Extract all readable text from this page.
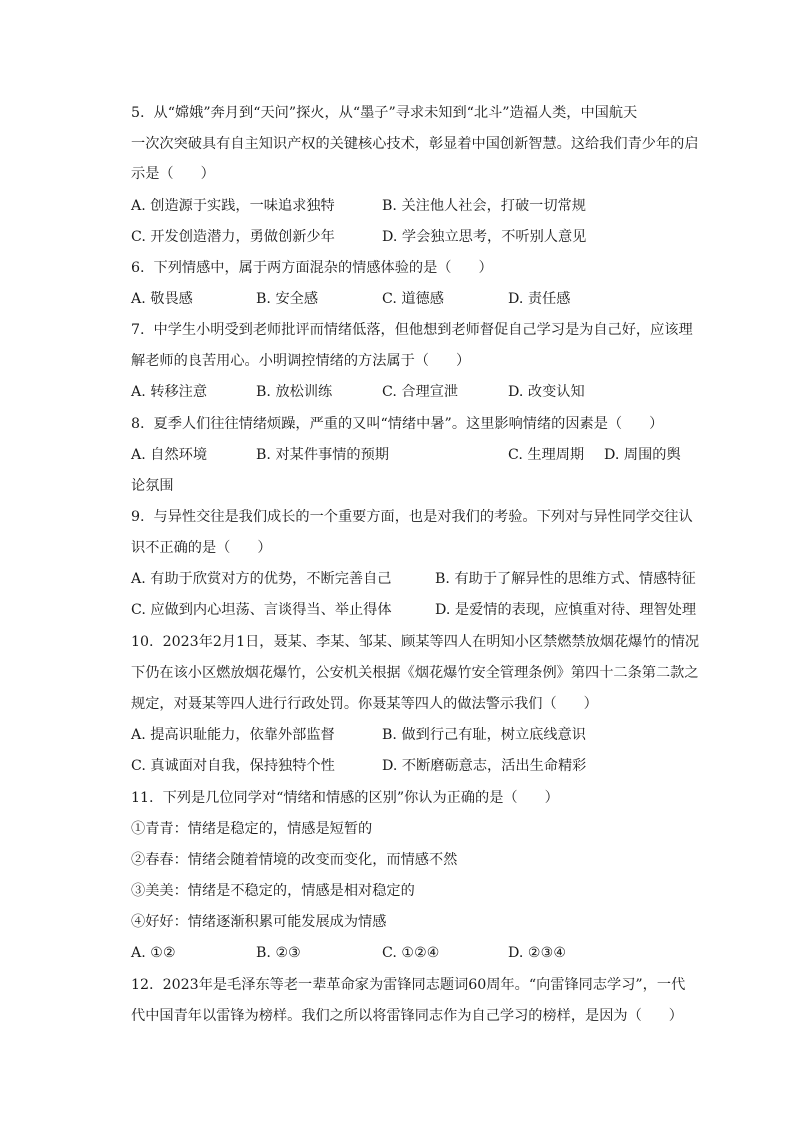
5.  从“嫦娥”奔月到“天问”探火，从“墨子”寻求未知到“北斗”造福人类，中国航天
一次次突破具有自主知识产权的关键核心技术，彰显着中国创新智慧。这给我们青少年的启
示是（      ）
A. 创造源于实践，一味追求独特	B. 关注他人社会，打破一切常规
C. 开发创造潜力，勇做创新少年	D. 学会独立思考，不听别人意见
6.  下列情感中，属于两方面混杂的情感体验的是（      ）
A. 敬畏感	B. 安全感	C. 道德感	D. 责任感
7.  中学生小明受到老师批评而情绪低落，但他想到老师督促自己学习是为自己好，应该理
解老师的良苦用心。小明调控情绪的方法属于（      ）
A. 转移注意	B. 放松训练	C. 合理宣泄	D. 改变认知
8.  夏季人们往往情绪烦躁，严重的又叫“情绪中暑”。这里影响情绪的因素是（      ）
A. 自然环境	B. 对某件事情的预期	C. 生理周期 D. 周围的舆
论氛围
9.  与异性交往是我们成长的一个重要方面，也是对我们的考验。下列对与异性同学交往认
识不正确的是（      ）
A. 有助于欣赏对方的优势，不断完善自己	B. 有助于了解异性的思维方式、情感特征
C. 应做到内心坦荡、言谈得当、举止得体	D. 是爱情的表现，应慎重对待、理智处理
10.  2023年2月1日，聂某、李某、邹某、顾某等四人在明知小区禁燃禁放烟花爆竹的情况
下仍在该小区燃放烟花爆竹，公安机关根据《烟花爆竹安全管理条例》第四十二条第二款之
规定，对聂某等四人进行行政处罚。你聂某等四人的做法警示我们（      ）
A. 提高识耻能力，依靠外部监督	B. 做到行己有耻，树立底线意识
C. 真诚面对自我，保持独特个性	D. 不断磨砺意志，活出生命精彩
11.  下列是几位同学对“情绪和情感的区别”你认为正确的是（      ）
①青青：情绪是稳定的，情感是短暂的
②春春：情绪会随着情境的改变而变化，而情感不然
③美美：情绪是不稳定的，情感是相对稳定的
④好好：情绪逐渐积累可能发展成为情感
A. ①②	B. ②③	C. ①②④	D. ②③④
12.  2023年是毛泽东等老一辈革命家为雷锋同志题词60周年。“向雷锋同志学习”，一代
代中国青年以雷锋为榜样。我们之所以将雷锋同志作为自己学习的榜样，是因为（      ）
